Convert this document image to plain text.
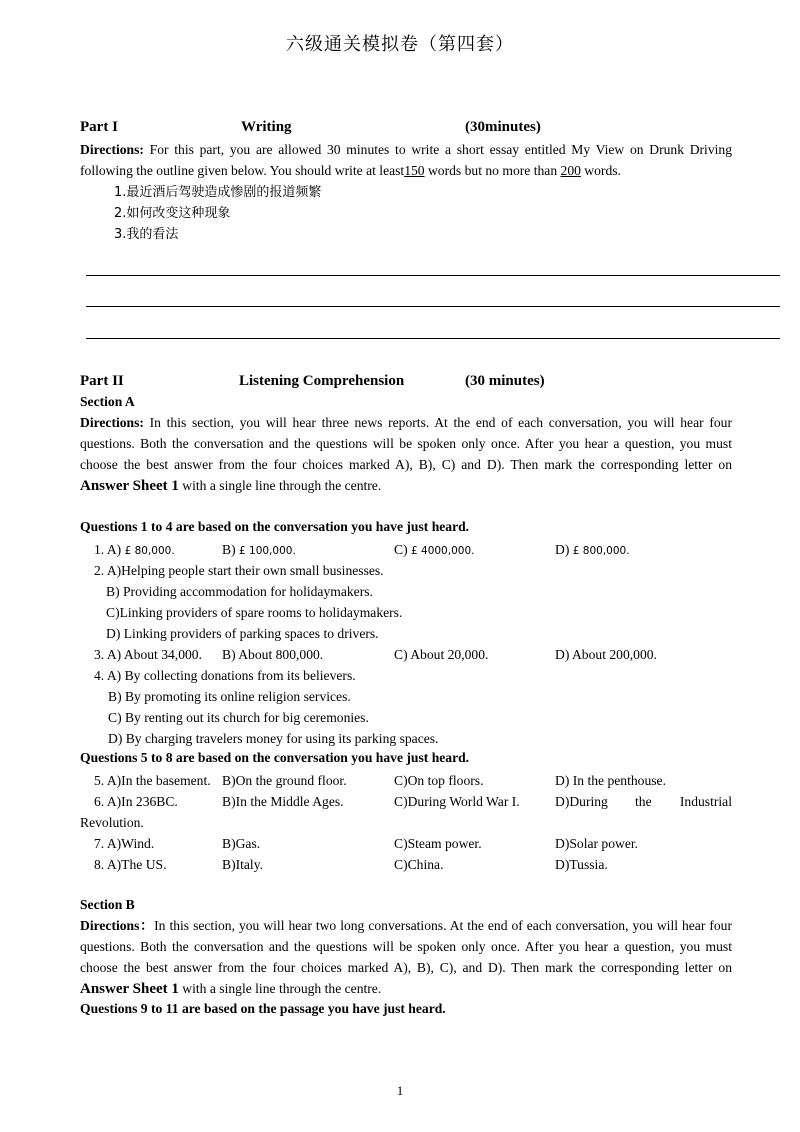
六级通关模拟卷（第四套）
Part I	Writing	(30minutes)
Directions: For this part, you are allowed 30 minutes to write a short essay entitled My View on Drunk Driving following the outline given below. You should write at least150 words but no more than 200 words.
1.最近酒后驾驶造成惨剧的报道频繁
2.如何改变这种现象
3.我的看法
Part II	Listening Comprehension	(30 minutes)
Section A
Directions: In this section, you will hear three news reports. At the end of each conversation, you will hear four questions. Both the conversation and the questions will be spoken only once. After you hear a question, you must choose the best answer from the four choices marked A), B), C) and D). Then mark the corresponding letter on Answer Sheet 1 with a single line through the centre.
Questions 1 to 4 are based on the conversation you have just heard.
1. A) £ 80,000.	B) £ 100,000.	C) £ 4000,000.	D) £ 800,000.
2. A)Helping people start their own small businesses.
B) Providing accommodation for holidaymakers.
C)Linking providers of spare rooms to holidaymakers.
D) Linking providers of parking spaces to drivers.
3. A) About 34,000. B) About 800,000.	C) About 20,000.	D) About 200,000.
4. A) By collecting donations from its believers.
B) By promoting its online religion services.
C) By renting out its church for big ceremonies.
D) By charging travelers money for using its parking spaces.
Questions 5 to 8 are based on the conversation you have just heard.
5. A)In the basement. B)On the ground floor.	C)On top floors.	D) In the penthouse.
6. A)In 236BC.	B)In the Middle Ages.	C)During World War I.	D)During the Industrial
Revolution.
7. A)Wind.	B)Gas.	C)Steam power.	D)Solar power.
8. A)The US.	B)Italy.	C)China.	D)Tussia.
Section B
Directions：In this section, you will hear two long conversations. At the end of each conversation, you will hear four questions. Both the conversation and the questions will be spoken only once. After you hear a question, you must choose the best answer from the four choices marked A), B), C), and D). Then mark the corresponding letter on Answer Sheet 1 with a single line through the centre.
Questions 9 to 11 are based on the passage you have just heard.
1
